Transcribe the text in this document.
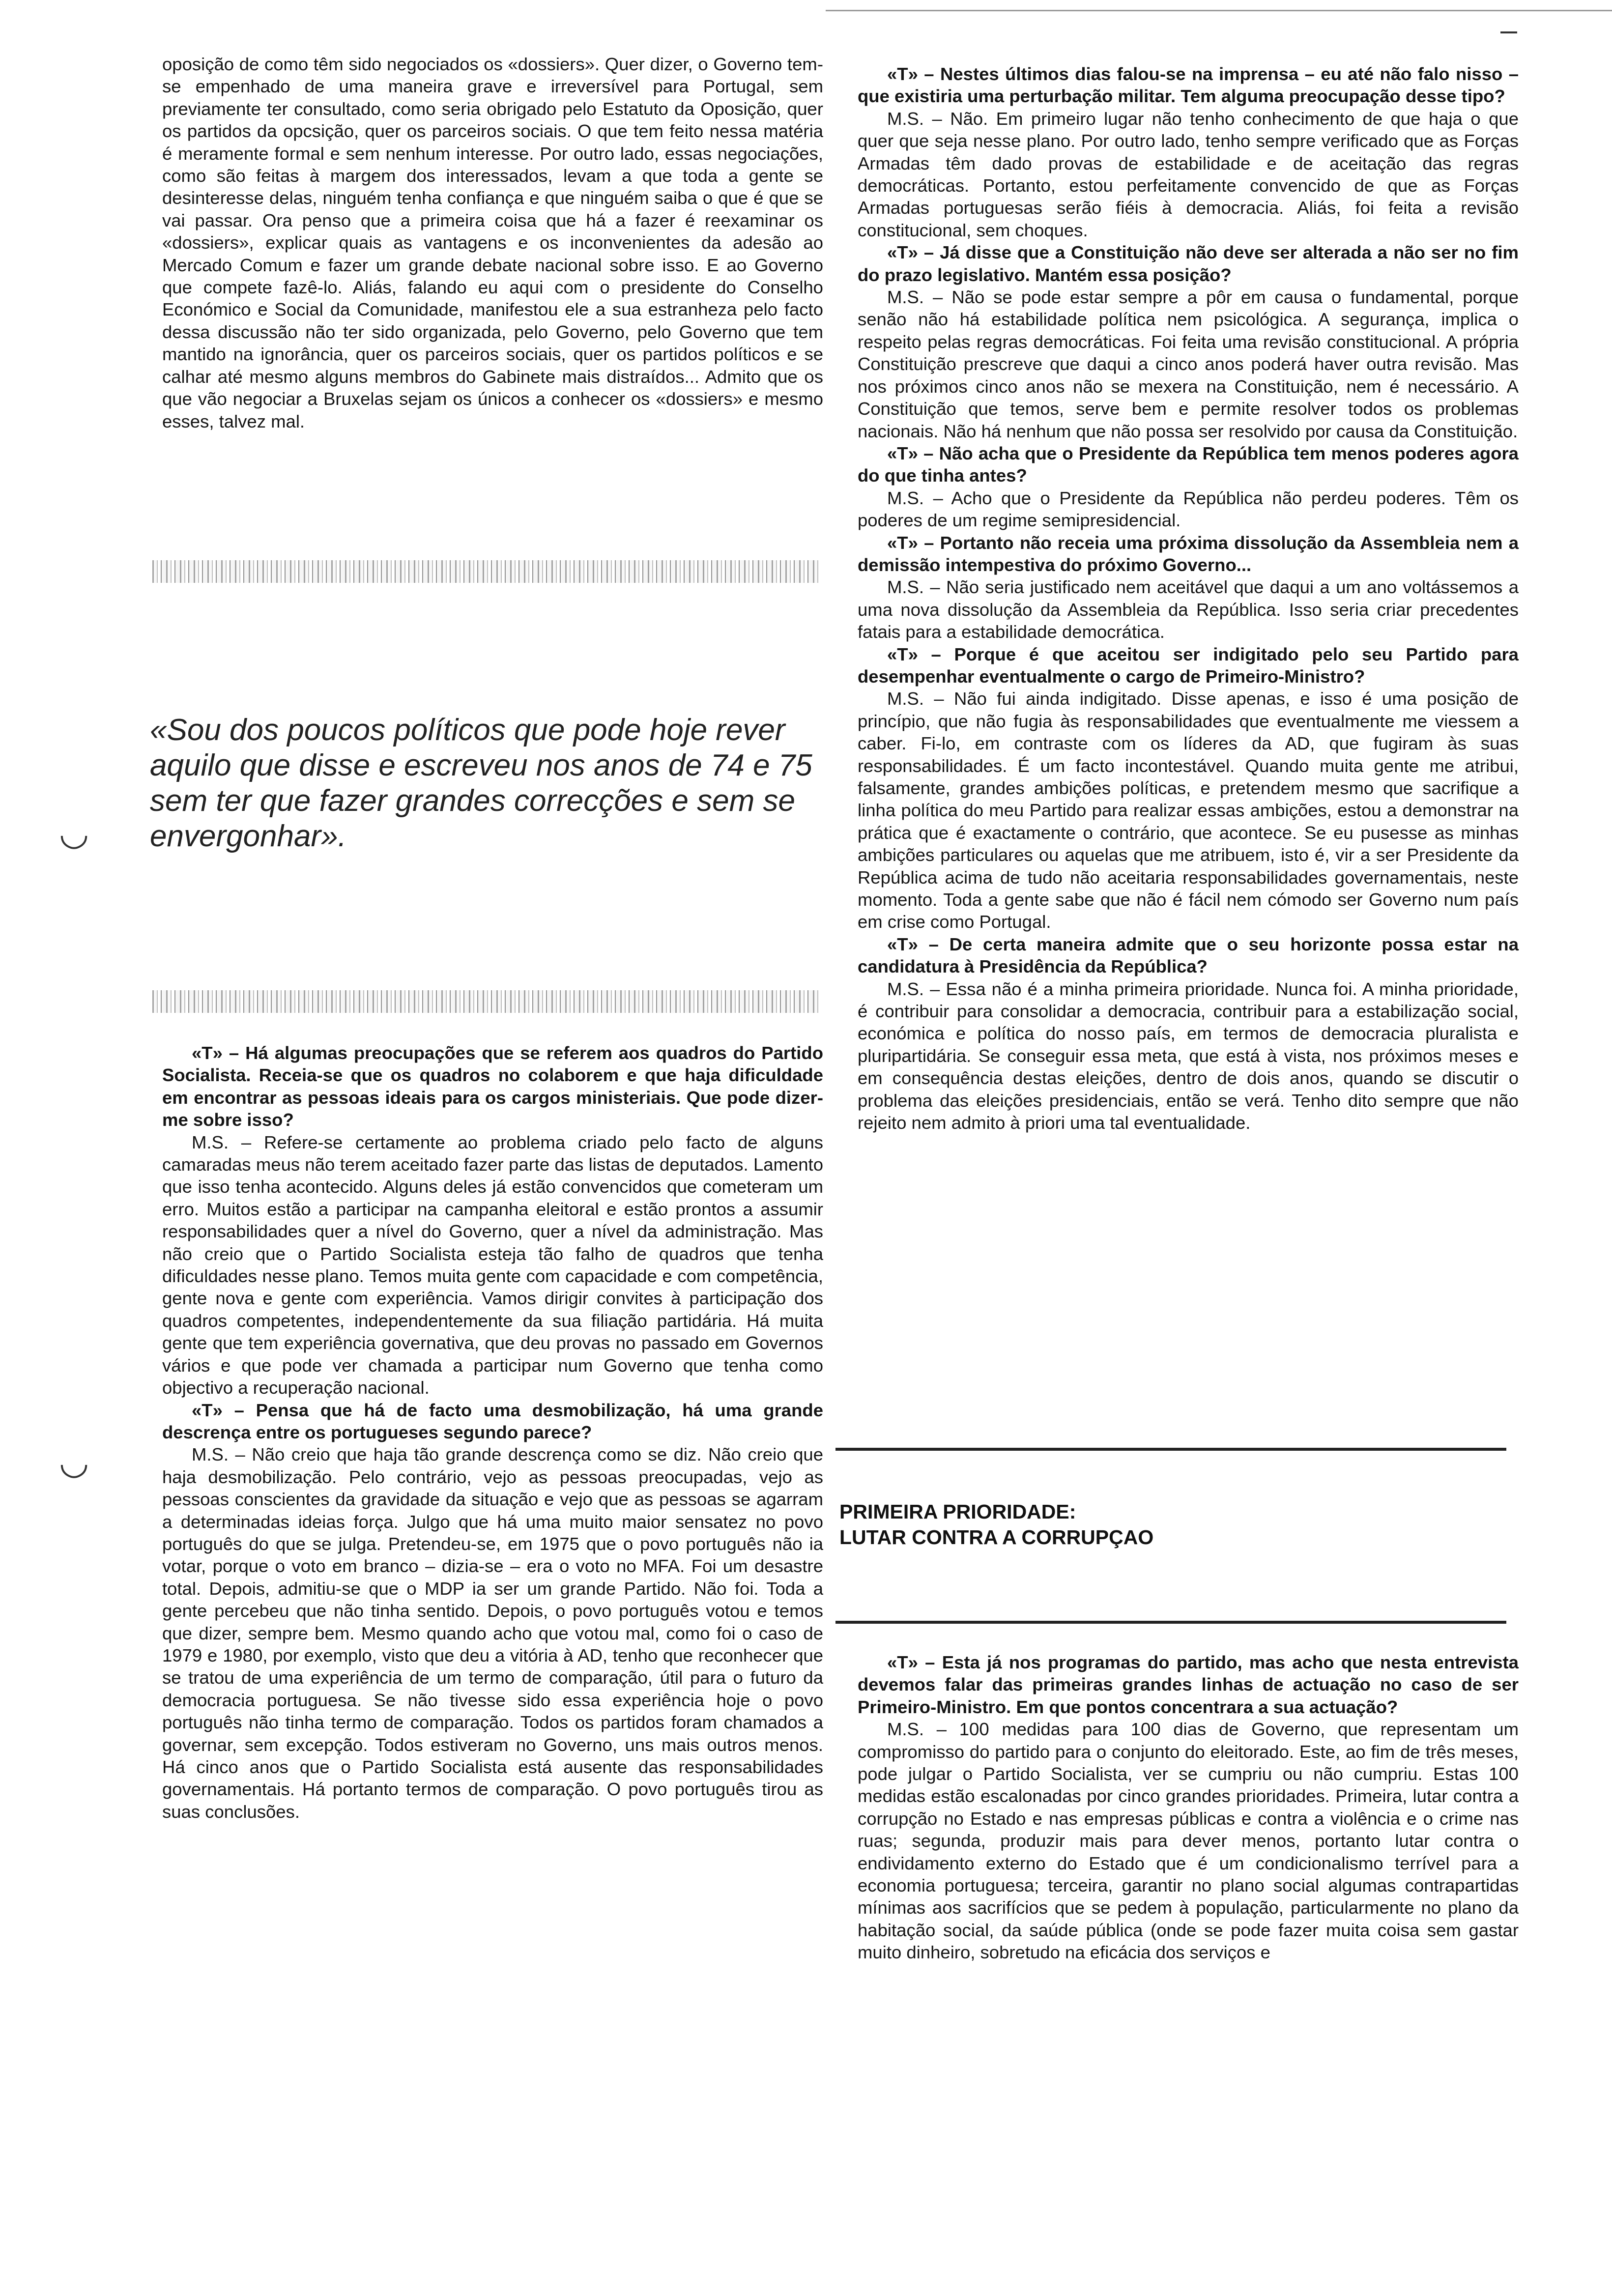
oposição de como têm sido negociados os «dossiers». Quer dizer, o Governo tem-se empenhado de uma maneira grave e irreversível para Portugal, sem previamente ter consultado, como seria obrigado pelo Estatuto da Oposição, quer os partidos da opcsição, quer os parceiros sociais. O que tem feito nessa matéria é meramente formal e sem nenhum interesse. Por outro lado, essas negociações, como são feitas à margem dos interessados, levam a que toda a gente se desinteresse delas, ninguém tenha confiança e que ninguém saiba o que é que se vai passar. Ora penso que a primeira coisa que há a fazer é reexaminar os «dossiers», explicar quais as vantagens e os inconvenientes da adesão ao Mercado Comum e fazer um grande debate nacional sobre isso. E ao Governo que compete fazê-lo. Aliás, falando eu aqui com o presidente do Conselho Económico e Social da Comunidade, manifestou ele a sua estranheza pelo facto dessa discussão não ter sido organizada, pelo Governo, pelo Governo que tem mantido na ignorância, quer os parceiros sociais, quer os partidos políticos e se calhar até mesmo alguns membros do Gabinete mais distraídos... Admito que os que vão negociar a Bruxelas sejam os únicos a conhecer os «dossiers» e mesmo esses, talvez mal.

«Sou dos poucos políticos que pode hoje rever aquilo que disse e escreveu nos anos de 74 e 75 sem ter que fazer grandes correcções e sem se envergonhar».

«T» – Há algumas preocupações que se referem aos quadros do Partido Socialista. Receia-se que os quadros no colaborem e que haja dificuldade em encontrar as pessoas ideais para os cargos ministeriais. Que pode dizer-me sobre isso?

M.S. – Refere-se certamente ao problema criado pelo facto de alguns camaradas meus não terem aceitado fazer parte das listas de deputados. Lamento que isso tenha acontecido. Alguns deles já estão convencidos que cometeram um erro. Muitos estão a participar na campanha eleitoral e estão prontos a assumir responsabilidades quer a nível do Governo, quer a nível da administração. Mas não creio que o Partido Socialista esteja tão falho de quadros que tenha dificuldades nesse plano. Temos muita gente com capacidade e com competência, gente nova e gente com experiência. Vamos dirigir convites à participação dos quadros competentes, independentemente da sua filiação partidária. Há muita gente que tem experiência governativa, que deu provas no passado em Governos vários e que pode ver chamada a participar num Governo que tenha como objectivo a recuperação nacional.

«T» – Pensa que há de facto uma desmobilização, há uma grande descrença entre os portugueses segundo parece?

M.S. – Não creio que haja tão grande descrença como se diz. Não creio que haja desmobilização. Pelo contrário, vejo as pessoas preocupadas, vejo as pessoas conscientes da gravidade da situação e vejo que as pessoas se agarram a determinadas ideias força. Julgo que há uma muito maior sensatez no povo português do que se julga. Pretendeu-se, em 1975 que o povo português não ia votar, porque o voto em branco – dizia-se – era o voto no MFA. Foi um desastre total. Depois, admitiu-se que o MDP ia ser um grande Partido. Não foi. Toda a gente percebeu que não tinha sentido. Depois, o povo português votou e temos que dizer, sempre bem. Mesmo quando acho que votou mal, como foi o caso de 1979 e 1980, por exemplo, visto que deu a vitória à AD, tenho que reconhecer que se tratou de uma experiência de um termo de comparação, útil para o futuro da democracia portuguesa. Se não tivesse sido essa experiência hoje o povo português não tinha termo de comparação. Todos os partidos foram chamados a governar, sem excepção. Todos estiveram no Governo, uns mais outros menos. Há cinco anos que o Partido Socialista está ausente das responsabilidades governamentais. Há portanto termos de comparação. O povo português tirou as suas conclusões.

«T» – Nestes últimos dias falou-se na imprensa – eu até não falo nisso – que existiria uma perturbação militar. Tem alguma preocupação desse tipo?

M.S. – Não. Em primeiro lugar não tenho conhecimento de que haja o que quer que seja nesse plano. Por outro lado, tenho sempre verificado que as Forças Armadas têm dado provas de estabilidade e de aceitação das regras democráticas. Portanto, estou perfeitamente convencido de que as Forças Armadas portuguesas serão fiéis à democracia. Aliás, foi feita a revisão constitucional, sem choques.

«T» – Já disse que a Constituição não deve ser alterada a não ser no fim do prazo legislativo. Mantém essa posição?

M.S. – Não se pode estar sempre a pôr em causa o fundamental, porque senão não há estabilidade política nem psicológica. A segurança, implica o respeito pelas regras democráticas. Foi feita uma revisão constitucional. A própria Constituição prescreve que daqui a cinco anos poderá haver outra revisão. Mas nos próximos cinco anos não se mexera na Constituição, nem é necessário. A Constituição que temos, serve bem e permite resolver todos os problemas nacionais. Não há nenhum que não possa ser resolvido por causa da Constituição.

«T» – Não acha que o Presidente da República tem menos poderes agora do que tinha antes?

M.S. – Acho que o Presidente da República não perdeu poderes. Têm os poderes de um regime semipresidencial.

«T» – Portanto não receia uma próxima dissolução da Assembleia nem a demissão intempestiva do próximo Governo...

M.S. – Não seria justificado nem aceitável que daqui a um ano voltássemos a uma nova dissolução da Assembleia da República. Isso seria criar precedentes fatais para a estabilidade democrática.

«T» – Porque é que aceitou ser indigitado pelo seu Partido para desempenhar eventualmente o cargo de Primeiro-Ministro?

M.S. – Não fui ainda indigitado. Disse apenas, e isso é uma posição de princípio, que não fugia às responsabilidades que eventualmente me viessem a caber. Fi-lo, em contraste com os líderes da AD, que fugiram às suas responsabilidades. É um facto incontestável. Quando muita gente me atribui, falsamente, grandes ambições políticas, e pretendem mesmo que sacrifique a linha política do meu Partido para realizar essas ambições, estou a demonstrar na prática que é exactamente o contrário, que acontece. Se eu pusesse as minhas ambições particulares ou aquelas que me atribuem, isto é, vir a ser Presidente da República acima de tudo não aceitaria responsabilidades governamentais, neste momento. Toda a gente sabe que não é fácil nem cómodo ser Governo num país em crise como Portugal.

«T» – De certa maneira admite que o seu horizonte possa estar na candidatura à Presidência da República?

M.S. – Essa não é a minha primeira prioridade. Nunca foi. A minha prioridade, é contribuir para consolidar a democracia, contribuir para a estabilização social, económica e política do nosso país, em termos de democracia pluralista e pluripartidária. Se conseguir essa meta, que está à vista, nos próximos meses e em consequência destas eleições, dentro de dois anos, quando se discutir o problema das eleições presidenciais, então se verá. Tenho dito sempre que não rejeito nem admito à priori uma tal eventualidade.

PRIMEIRA PRIORIDADE:
LUTAR CONTRA A CORRUPÇAO

«T» – Esta já nos programas do partido, mas acho que nesta entrevista devemos falar das primeiras grandes linhas de actuação no caso de ser Primeiro-Ministro. Em que pontos concentrara a sua actuação?

M.S. – 100 medidas para 100 dias de Governo, que representam um compromisso do partido para o conjunto do eleitorado. Este, ao fim de três meses, pode julgar o Partido Socialista, ver se cumpriu ou não cumpriu. Estas 100 medidas estão escalonadas por cinco grandes prioridades. Primeira, lutar contra a corrupção no Estado e nas empresas públicas e contra a violência e o crime nas ruas; segunda, produzir mais para dever menos, portanto lutar contra o endividamento externo do Estado que é um condicionalismo terrível para a economia portuguesa; terceira, garantir no plano social algumas contrapartidas mínimas aos sacrifícios que se pedem à população, particularmente no plano da habitação social, da saúde pública (onde se pode fazer muita coisa sem gastar muito dinheiro, sobretudo na eficácia dos serviços e

◡
◡
